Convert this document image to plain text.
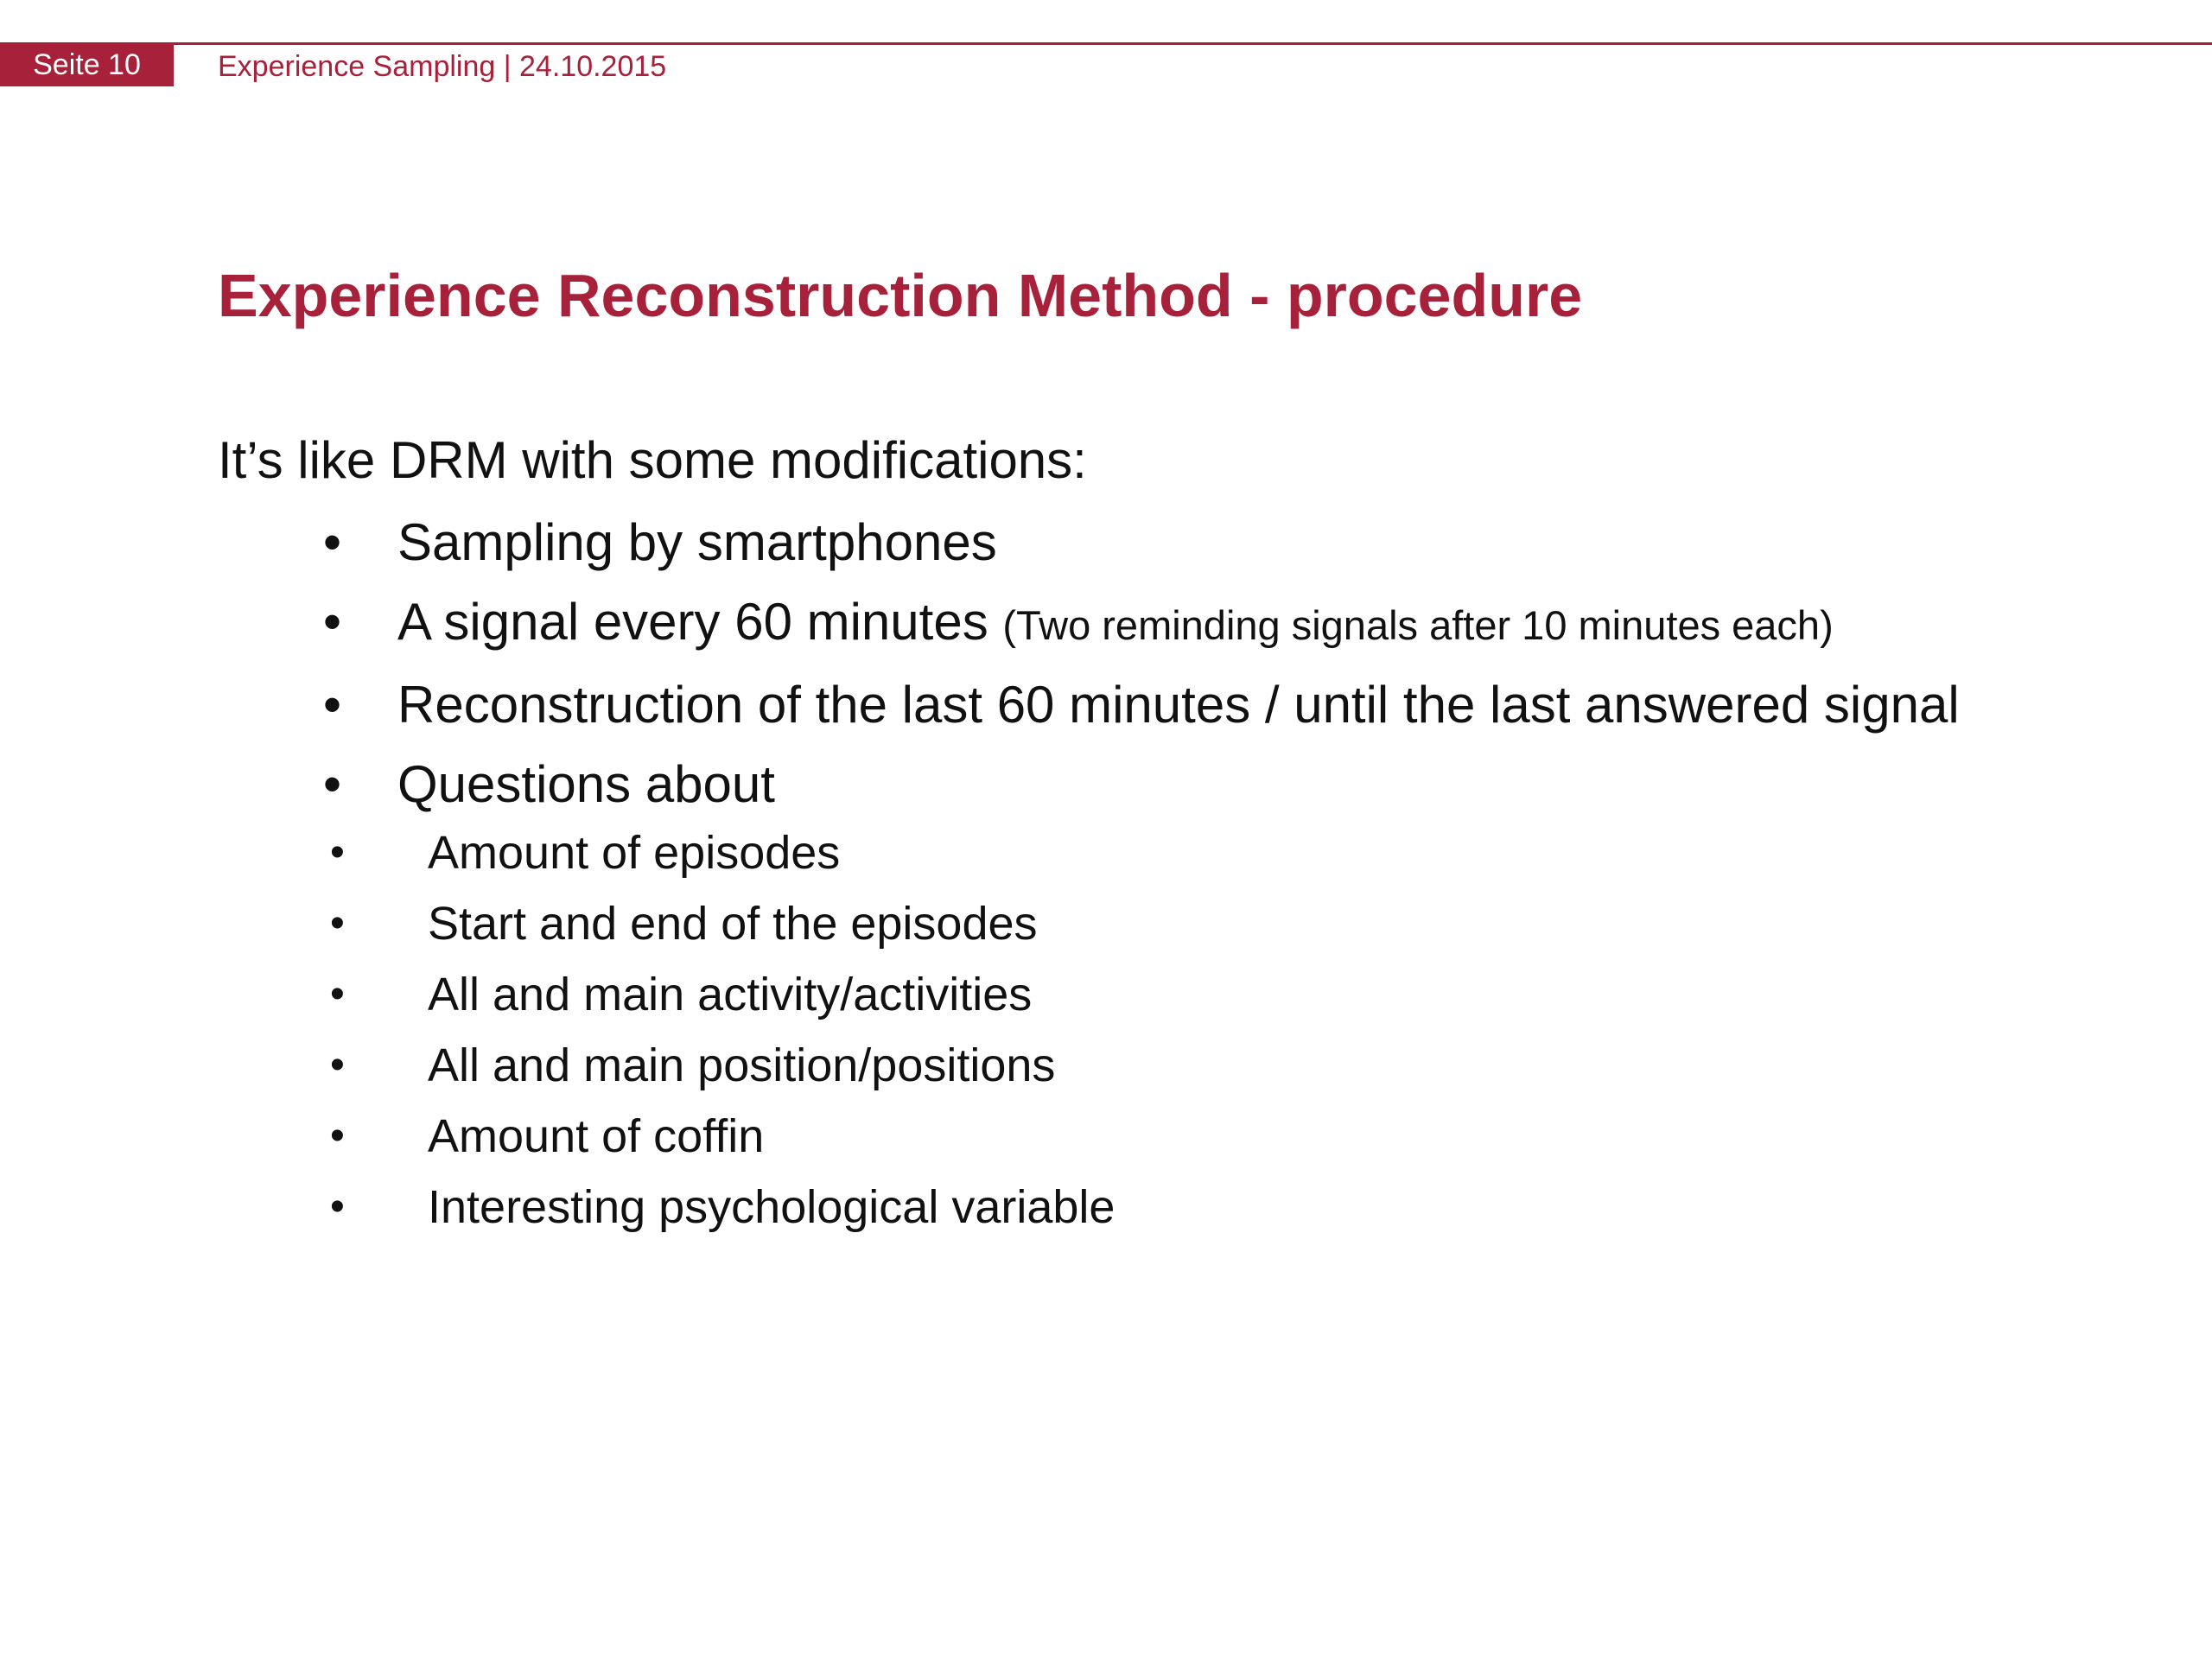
Seite 10	Experience Sampling | 24.10.2015
Experience Reconstruction Method - procedure

It’s like DRM with some modifications:

• Sampling by smartphones
• A signal every 60 minutes (Two reminding signals after 10 minutes each)
• Reconstruction of the last 60 minutes / until the last answered signal
• Questions about
• Amount of episodes
• Start and end of the episodes
• All and main activity/activities
• All and main position/positions
• Amount of coffin
• Interesting psychological variable
